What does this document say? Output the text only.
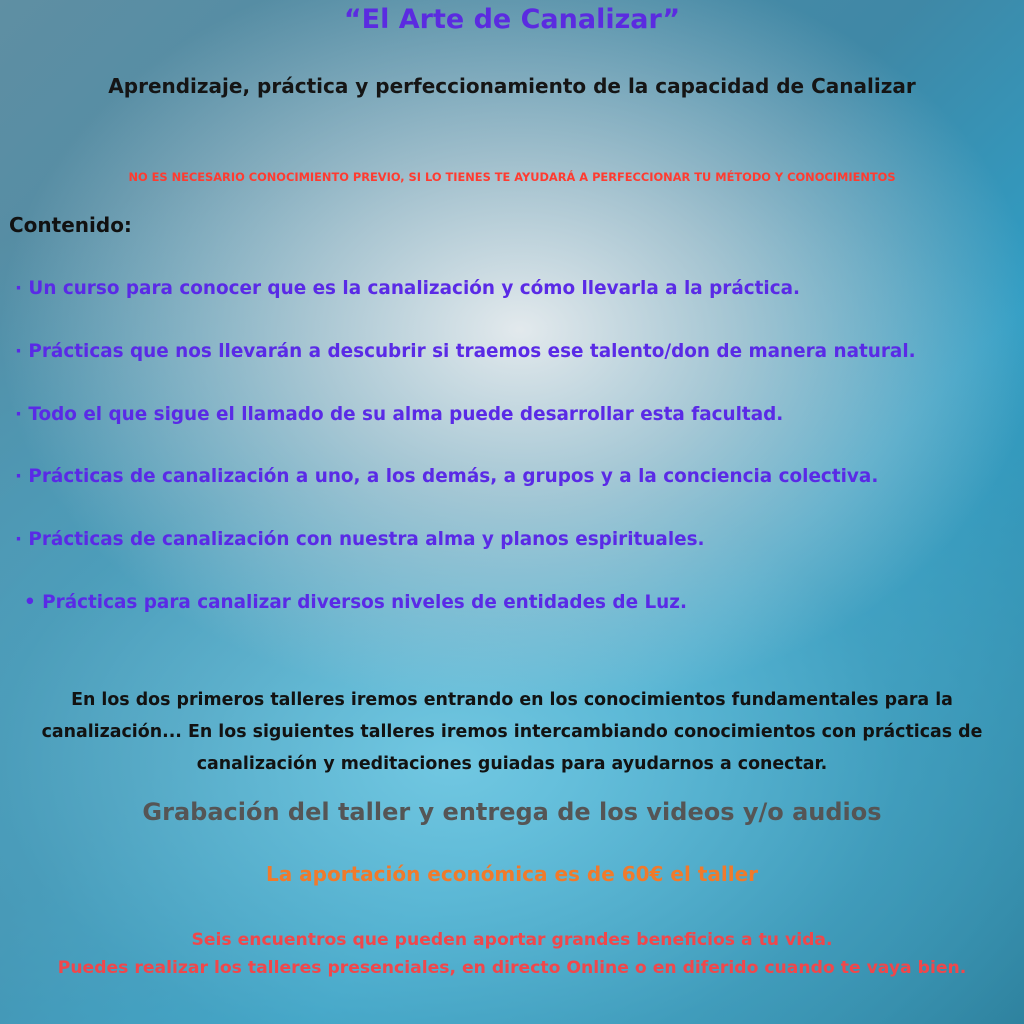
“El Arte de Canalizar”
Aprendizaje, práctica y perfeccionamiento de la capacidad de Canalizar
NO ES NECESARIO CONOCIMIENTO PREVIO, SI LO TIENES TE AYUDARÁ A PERFECCIONAR TU MÉTODO Y CONOCIMIENTOS
Contenido:
· Un curso para conocer que es la canalización y cómo llevarla a la práctica.
· Prácticas que nos llevarán a descubrir si traemos ese talento/don de manera natural.
· Todo el que sigue el llamado de su alma puede desarrollar esta facultad.
· Prácticas de canalización a uno, a los demás, a grupos y a la conciencia colectiva.
· Prácticas de canalización con nuestra alma y planos espirituales.
• Prácticas para canalizar diversos niveles de entidades de Luz.

En los dos primeros talleres iremos entrando en los conocimientos fundamentales para la canalización... En los siguientes talleres iremos intercambiando conocimientos con prácticas de canalización y meditaciones guiadas para ayudarnos a conectar.

Grabación del taller y entrega de los videos y/o audios
La aportación económica es de 60€ el taller
Seis encuentros que pueden aportar grandes beneficios a tu vida.
Puedes realizar los talleres presenciales, en directo Online o en diferido cuando te vaya bien.
